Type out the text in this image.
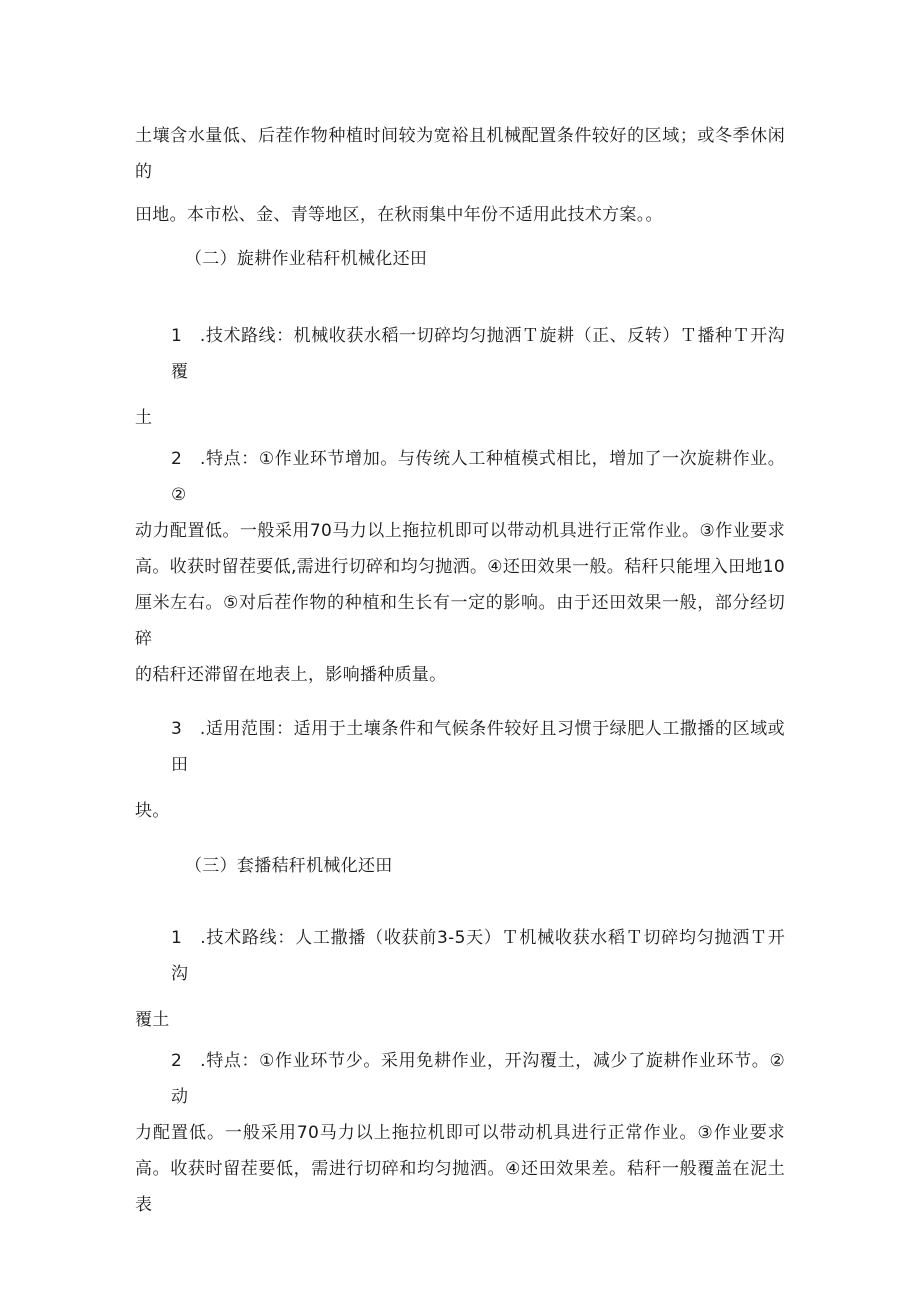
土壤含水量低、后茬作物种植时间较为宽裕且机械配置条件较好的区域；或冬季休闲的
田地。本市松、金、青等地区，在秋雨集中年份不适用此技术方案。。
（二）旋耕作业秸秆机械化还田
1　.技术路线：机械收获水稻一切碎均匀抛洒Ｔ旋耕（正、反转）Ｔ播种Ｔ开沟覆
土
2　.特点：①作业环节增加。与传统人工种植模式相比，增加了一次旋耕作业。②
动力配置低。一般采用70马力以上拖拉机即可以带动机具进行正常作业。③作业要求
高。收获时留茬要低,需进行切碎和均匀抛洒。④还田效果一般。秸秆只能埋入田地10
厘米左右。⑤对后茬作物的种植和生长有一定的影响。由于还田效果一般，部分经切碎
的秸秆还滞留在地表上，影响播种质量。
3　.适用范围：适用于土壤条件和气候条件较好且习惯于绿肥人工撒播的区域或田
块。
（三）套播秸秆机械化还田
1　.技术路线：人工撒播（收获前3-5天）Ｔ机械收获水稻Ｔ切碎均匀抛洒Ｔ开沟
覆土
2　.特点：①作业环节少。采用免耕作业，开沟覆土，减少了旋耕作业环节。②动
力配置低。一般采用70马力以上拖拉机即可以带动机具进行正常作业。③作业要求
高。收获时留茬要低，需进行切碎和均匀抛洒。④还田效果差。秸秆一般覆盖在泥土表
